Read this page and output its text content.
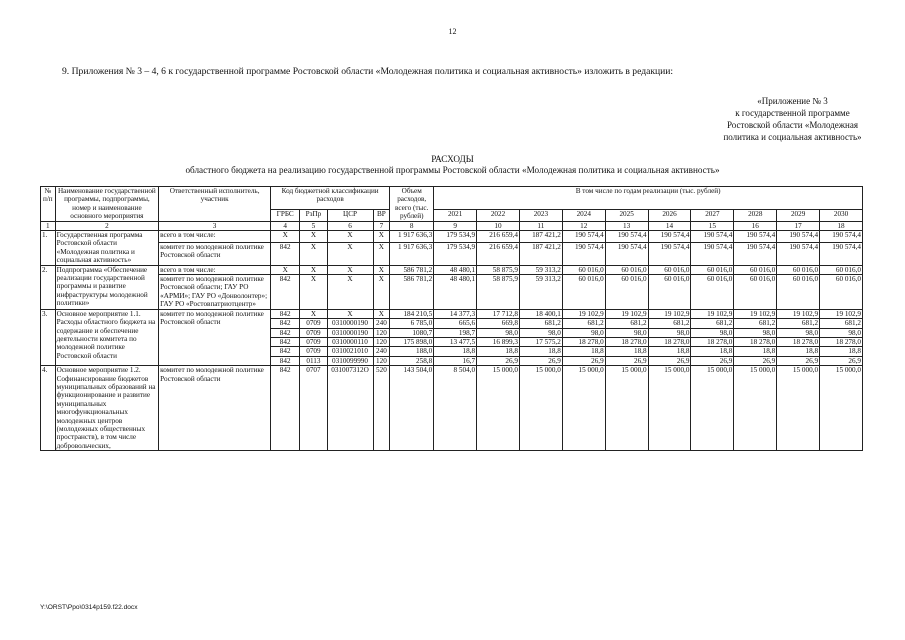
12
9. Приложения № 3 – 4, 6 к государственной программе Ростовской области «Молодежная политика и социальная активность» изложить в редакции:
«Приложение № 3
к государственной программе
Ростовской области «Молодежная
политика и социальная активность»
РАСХОДЫ
областного бюджета на реализацию государственной программы Ростовской области «Молодежная политика и социальная активность»
№ п/п	Наименование государственной программы, подпрограммы, номер и наименование основного мероприятия	Ответственный исполнитель, участник	Код бюджетной классификации расходов				Объем расходов, всего (тыс. рублей)	В том числе по годам реализации (тыс. рублей)									
			ГРБС	РзПр	ЦСР	ВР		2021	2022	2023	2024	2025	2026	2027	2028	2029	2030
1	2	3	4	5	6	7	8	9	10	11	12	13	14	15	16	17	18
1.	Государственная программа Ростовской области «Молодежная политика и социальная активность»	всего в том числе:	X	X	X	X	1 917 636,3	179 534,9	216 659,4	187 421,2	190 574,4	190 574,4	190 574,4	190 574,4	190 574,4	190 574,4	190 574,4
		комитет по молодежной политике Ростовской области	842	X	X	X	1 917 636,3	179 534,9	216 659,4	187 421,2	190 574,4	190 574,4	190 574,4	190 574,4	190 574,4	190 574,4	190 574,4
2.	Подпрограмма «Обеспечение реализации государственной программы и развитие инфраструктуры молодежной политики»	всего в том числе:	X	X	X	X	586 781,2	48 480,1	58 875,9	59 313,2	60 016,0	60 016,0	60 016,0	60 016,0	60 016,0	60 016,0	60 016,0
		комитет по молодежной политике Ростовской области; ГАУ РО «АРМИ»; ГАУ РО «Донволонтер»; ГАУ РО «Ростовпатриотцентр»	842	X	X	X	586 781,2	48 480,1	58 875,9	59 313,2	60 016,0	60 016,0	60 016,0	60 016,0	60 016,0	60 016,0	60 016,0
3.	Основное мероприятие 1.1. Расходы областного бюджета на содержание и обеспечение деятельности комитета по молодежной политике Ростовской области	комитет по молодежной политике Ростовской области	842	X	X	X	184 210,5	14 377,3	17 712,8	18 400,1	19 102,9	19 102,9	19 102,9	19 102,9	19 102,9	19 102,9	19 102,9
			842	0709	0310000190	240	6 785,0	665,6	669,8	681,2	681,2	681,2	681,2	681,2	681,2	681,2	681,2
			842	0709	0310000190	120	1080,7	198,7	98,0	98,0	98,0	98,0	98,0	98,0	98,0	98,0	98,0
			842	0709	0310000110	120	175 898,0	13 477,5	16 899,3	17 575,2	18 278,0	18 278,0	18 278,0	18 278,0	18 278,0	18 278,0	18 278,0
			842	0709	0310021010	240	188,0	18,8	18,8	18,8	18,8	18,8	18,8	18,8	18,8	18,8	18,8
			842	0113	0310099990	120	258,8	16,7	26,9	26,9	26,9	26,9	26,9	26,9	26,9	26,9	26,9
4.	Основное мероприятие 1.2. Софинансирование бюджетов муниципальных образований на функционирование и развитие муниципальных многофункциональных молодежных центров (молодежных общественных пространств), в том числе добровольческих,	комитет по молодежной политике Ростовской области	842	0707	031007312О	520	143 504,0	8 504,0	15 000,0	15 000,0	15 000,0	15 000,0	15 000,0	15 000,0	15 000,0	15 000,0	15 000,0
Y:\ORST\Ppo\0314p159.f22.docx
